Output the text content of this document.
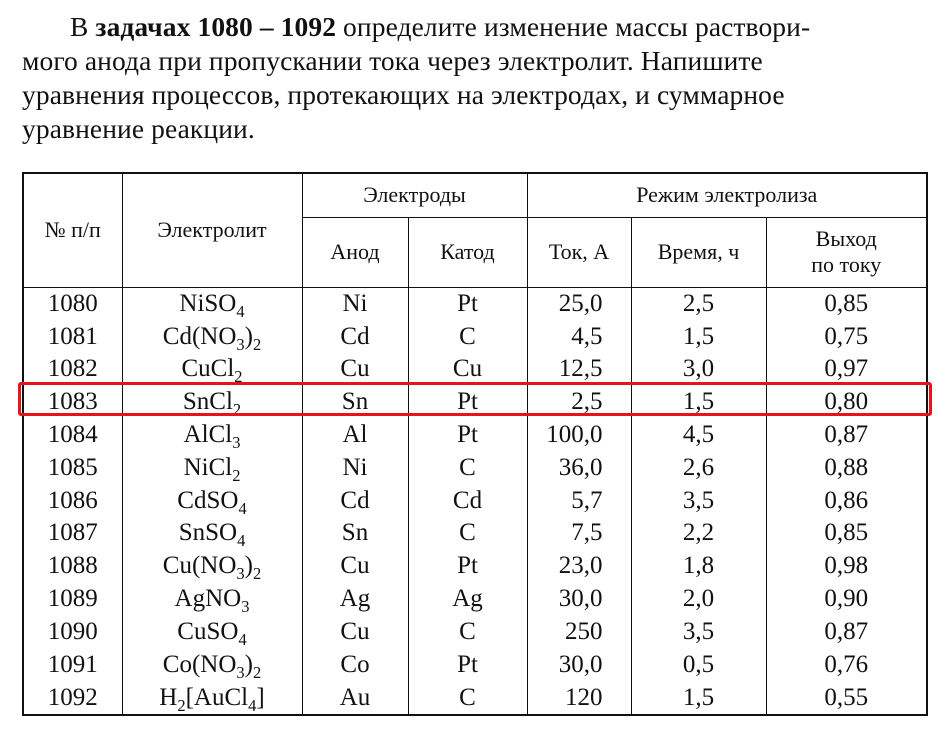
В задачах 1080 – 1092 определите изменение массы раствори-
мого анода при пропускании тока через электролит. Напишите
уравнения процессов, протекающих на электродах, и суммарное
уравнение реакции.
№ п/п	Электролит	Электроды		Режим электролиза		
		Анод	Катод	Ток, А	Время, ч	Выход
по току
1080	NiSO$_4$	Ni	Pt	25,0	2,5	0,85
1081	$Cd(NO_3)_2$	Cd	C	4,5	1,5	0,75
1082	CuCl$_2$	Cu	Cu	12,5	3,0	0,97
1083	SnCl$_2$	Sn	Pt	2,5	1,5	0,80
1084	AlCl$_3$	Al	Pt	100,0	4,5	0,87
1085	NiCl$_2$	Ni	C	36,0	2,6	0,88
1086	CdSO$_4$	Cd	Cd	5,7	3,5	0,86
1087	SnSO$_4$	Sn	C	7,5	2,2	0,85
1088	$Cu(NO_3)_2$	Cu	Pt	23,0	1,8	0,98
1089	AgNO$_3$	Ag	Ag	30,0	2,0	0,90
1090	CuSO$_4$	Cu	C	250	3,5	0,87
1091	$Co(NO_3)_2$	Co	Pt	30,0	0,5	0,76
1092	$H_2[AuCl_4]$	Au	C	120	1,5	0,55
